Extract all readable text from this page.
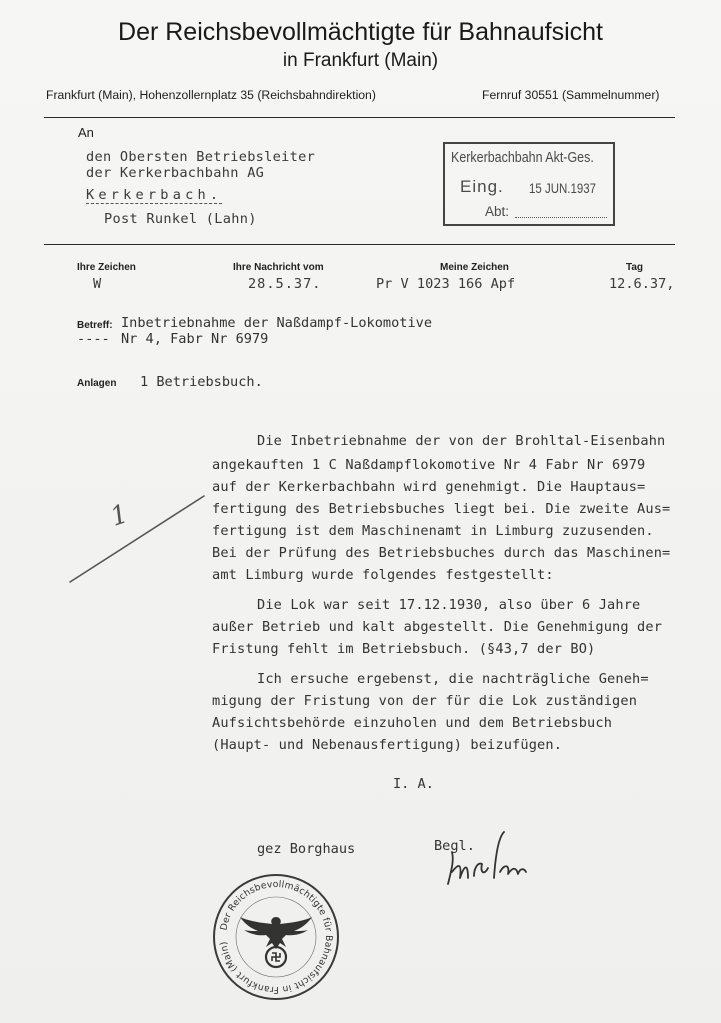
Der Reichsbevollmächtigte für Bahnaufsicht
in Frankfurt (Main)
Frankfurt (Main), Hohenzollernplatz 35 (Reichsbahndirektion)	Fernruf 30551 (Sammelnummer)
An
den Obersten Betriebsleiter
der Kerkerbachbahn AG
Kerkerbach.
Post Runkel (Lahn)
Kerkerbachbahn Akt-Ges.
Eing. 15 JUN.1937
Abt:
Ihre Zeichen	Ihre Nachricht vom	Meine Zeichen	Tag
W	28.5.37.	Pr V 1023 166 Apf	12.6.37,
Betreff: Inbetriebnahme der Naßdampf-Lokomotive
---- Nr 4, Fabr Nr 6979
Anlagen 1 Betriebsbuch.
Die Inbetriebnahme der von der Brohltal-Eisenbahn
angekauften 1 C Naßdampflokomotive Nr 4 Fabr Nr 6979
auf der Kerkerbachbahn wird genehmigt. Die Hauptaus=
fertigung des Betriebsbuches liegt bei. Die zweite Aus=
fertigung ist dem Maschinenamt in Limburg zuzusenden.
Bei der Prüfung des Betriebsbuches durch das Maschinen=
amt Limburg wurde folgendes festgestellt:
Die Lok war seit 17.12.1930, also über 6 Jahre
außer Betrieb und kalt abgestellt. Die Genehmigung der
Fristung fehlt im Betriebsbuch. (§43,7 der BO)
Ich ersuche ergebenst, die nachträgliche Geneh=
migung der Fristung von der für die Lok zuständigen
Aufsichtsbehörde einzuholen und dem Betriebsbuch
(Haupt- und Nebenausfertigung) beizufügen.
I. A.
gez Borghaus	Begl.
1
Der Reichsbevollmächtigte für Bahnaufsicht in Frankfurt (Main)
